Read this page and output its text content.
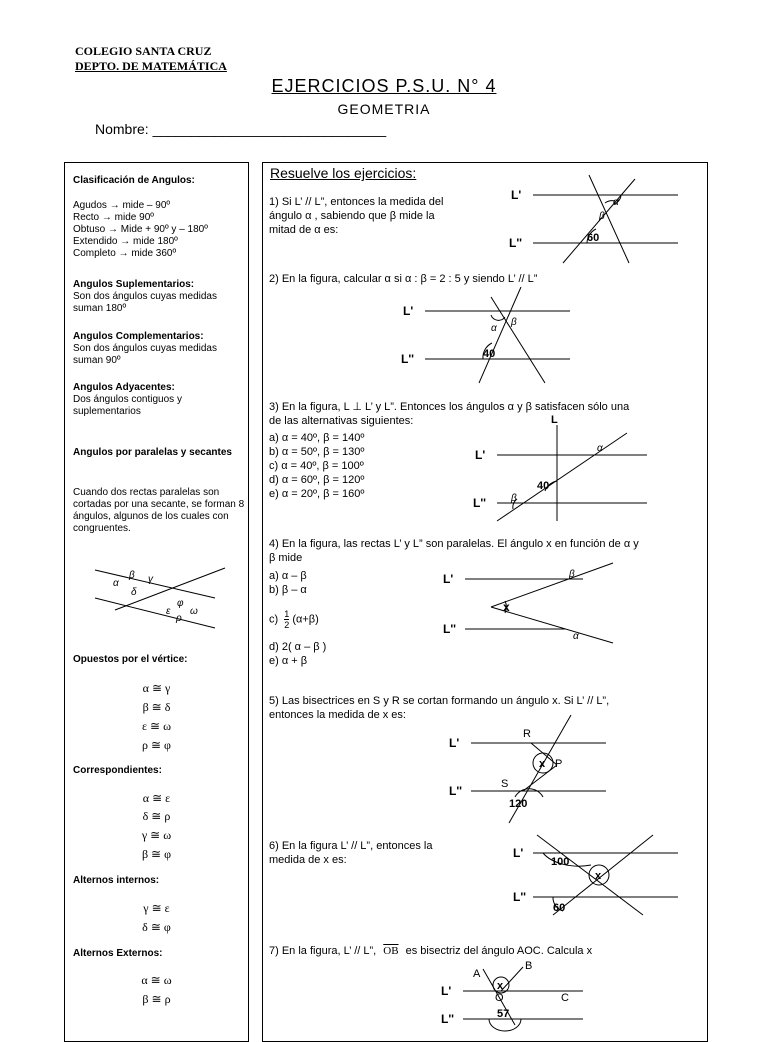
COLEGIO SANTA CRUZ
DEPTO. DE MATEMÁTICA
EJERCICIOS P.S.U. N° 4
GEOMETRIA
Nombre: ______________________________
Clasificación de Angulos:
Agudos → mide – 90º
Recto → mide 90º
Obtuso → Mide + 90º y – 180º
Extendido → mide 180º
Completo → mide 360º
Angulos Suplementarios:
Son dos ángulos cuyas medidas suman 180º
Angulos Complementarios:
Son dos ángulos cuyas medidas suman 90º
Angulos Adyacentes:
Dos ángulos contiguos y suplementarios
Angulos por paralelas y secantes
Cuando dos rectas paralelas son cortadas por una secante, se forman 8 ángulos, algunos de los cuales con congruentes.
β γ
α
δ
φ
ε ω
ρ
Opuestos por el vértice:
α ≅ γ
β ≅ δ
ε ≅ ω
ρ ≅ φ
Correspondientes:
α ≅ ε
δ ≅ ρ
γ ≅ ω
β ≅ φ
Alternos internos:
γ ≅ ε
δ ≅ φ
Alternos Externos:
α ≅ ω
β ≅ ρ
Resuelve los ejercicios:
1) Si L’ // L”, entonces la medida del
ángulo α , sabiendo que β mide la
mitad de α es:
L'
L''
β
α
60
2) En la figura, calcular α si α : β = 2 : 5 y siendo L’ // L”
L'
L''
α
β
40
3) En la figura, L ⊥ L’ y L”. Entonces los ángulos α y β satisfacen sólo una
de las alternativas siguientes:
a) α = 40º, β = 140º
b) α = 50º, β = 130º
c) α = 40º, β = 100º
d) α = 60º, β = 120º
e) α = 20º, β = 160º
L
L'
L''
α
β
40
4) En la figura, las rectas L’ y L” son paralelas. El ángulo x en función de α y
β mide
a) α – β
b) β – α
$c) \frac{1}{2} (\alpha+\beta)$
d) 2( α – β )
e) α + β
L'
L''
β
α
x
5) Las bisectrices en S y R se cortan formando un ángulo x. Si L’ // L”,
entonces la medida de x es:
L'
L''
R
S
P
x
120
6) En la figura L’ // L”, entonces la
medida de x es:	L'
L''
100
x
60
7) En la figura, L’ // L”, $\overline{OB}$ es bisectriz del ángulo AOC. Calcula x
L'
L''
A
B
O	C
x
57
